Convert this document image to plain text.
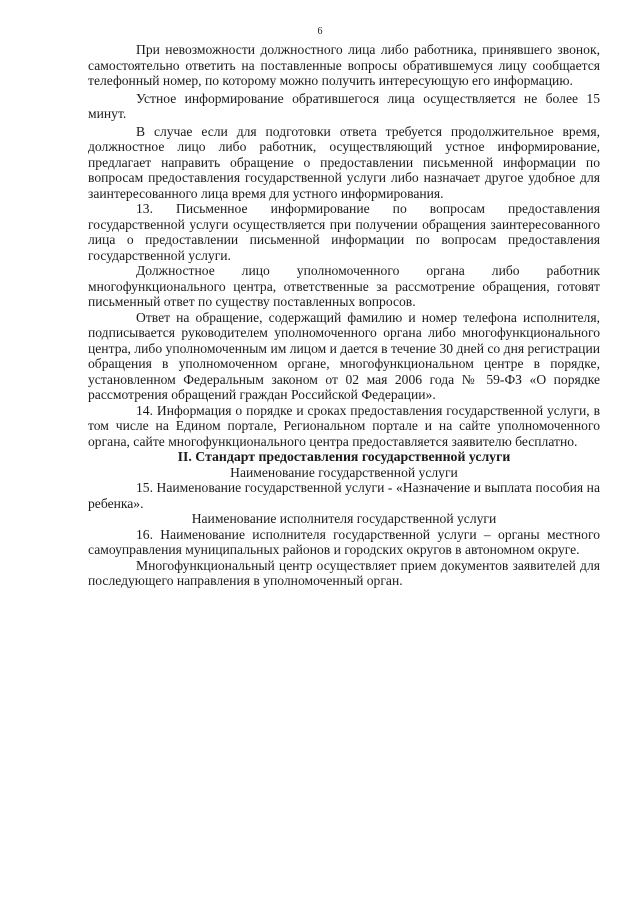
6

При невозможности должностного лица либо работника, принявшего звонок, самостоятельно ответить на поставленные вопросы обратившемуся лицу сообщается телефонный номер, по которому можно получить интересующую его информацию.

Устное информирование обратившегося лица осуществляется не более 15 минут.

В случае если для подготовки ответа требуется продолжительное время, должностное лицо либо работник, осуществляющий устное информирование, предлагает направить обращение о предоставлении письменной информации по вопросам предоставления государственной услуги либо назначает другое удобное для заинтересованного лица время для устного информирования.

13. Письменное информирование по вопросам предоставления государственной услуги осуществляется при получении обращения заинтересованного лица о предоставлении письменной информации по вопросам предоставления государственной услуги.

Должностное лицо уполномоченного органа либо работник многофункционального центра, ответственные за рассмотрение обращения, готовят письменный ответ по существу поставленных вопросов.

Ответ на обращение, содержащий фамилию и номер телефона исполнителя, подписывается руководителем уполномоченного органа либо многофункционального центра, либо уполномоченным им лицом и дается в течение 30 дней со дня регистрации обращения в уполномоченном органе, многофункциональном центре в порядке, установленном Федеральным законом от 02 мая 2006 года № 59-ФЗ «О порядке рассмотрения обращений граждан Российской Федерации».

14. Информация о порядке и сроках предоставления государственной услуги, в том числе на Едином портале, Региональном портале и на сайте уполномоченного органа, сайте многофункционального центра предоставляется заявителю бесплатно.

II. Стандарт предоставления государственной услуги

Наименование государственной услуги

15. Наименование государственной услуги - «Назначение и выплата пособия на ребенка».

Наименование исполнителя государственной услуги

16. Наименование исполнителя государственной услуги – органы местного самоуправления муниципальных районов и городских округов в автономном округе.

Многофункциональный центр осуществляет прием документов заявителей для последующего направления в уполномоченный орган.
